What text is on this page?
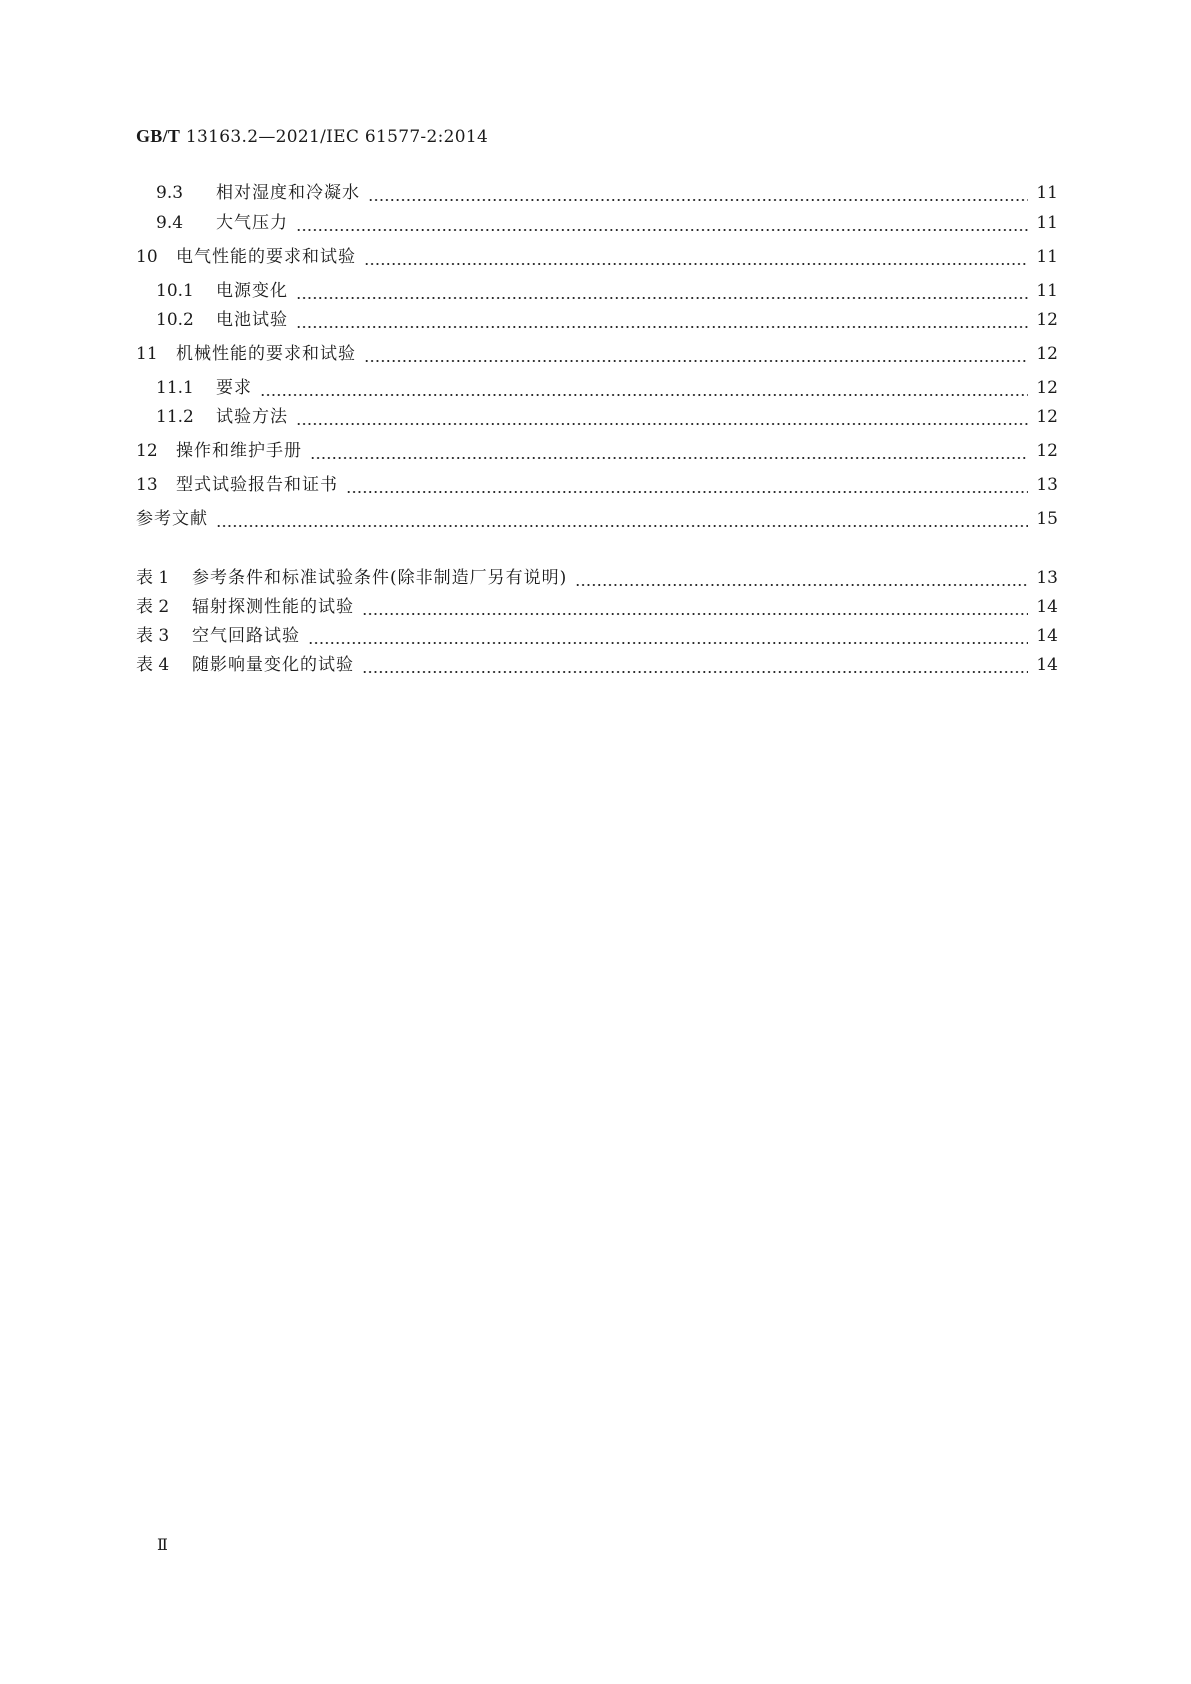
GB/T 13163.2—2021/IEC 61577-2:2014
9.3	相对湿度和冷凝水	11
9.4	大气压力	11
10	电气性能的要求和试验	11
10.1	电源变化	11
10.2	电池试验	12
11	机械性能的要求和试验	12
11.1	要求	12
11.2	试验方法	12
12	操作和维护手册	12
13	型式试验报告和证书	13
参考文献	15
表 1	参考条件和标准试验条件(除非制造厂另有说明)	13
表 2	辐射探测性能的试验	14
表 3	空气回路试验	14
表 4	随影响量变化的试验	14
Ⅱ
